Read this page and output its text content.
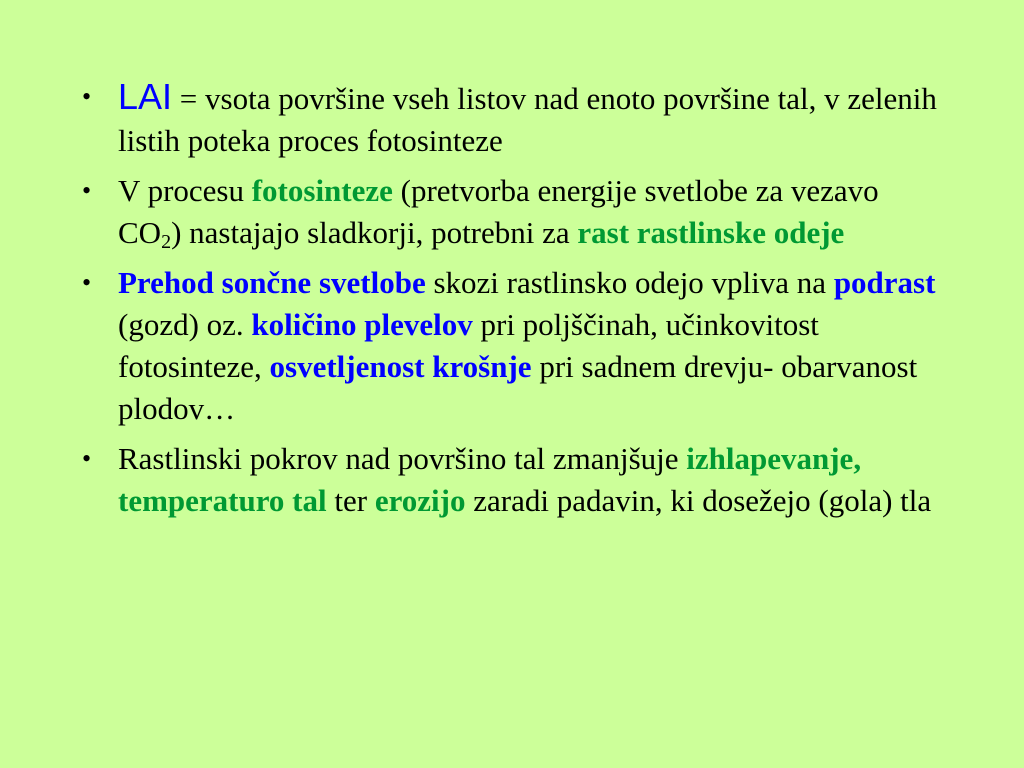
• LAI = vsota površine vseh listov nad enoto površine tal, v zelenih listih poteka proces fotosinteze
• V procesu fotosinteze (pretvorba energije svetlobe za vezavo $CO_2$) nastajajo sladkorji, potrebni za rast rastlinske odeje
• Prehod sončne svetlobe skozi rastlinsko odejo vpliva na podrast (gozd) oz. količino plevelov pri poljščinah, učinkovitost fotosinteze, osvetljenost krošnje pri sadnem drevju- obarvanost plodov…
• Rastlinski pokrov nad površino tal zmanjšuje izhlapevanje, temperaturo tal ter erozijo zaradi padavin, ki dosežejo (gola) tla
